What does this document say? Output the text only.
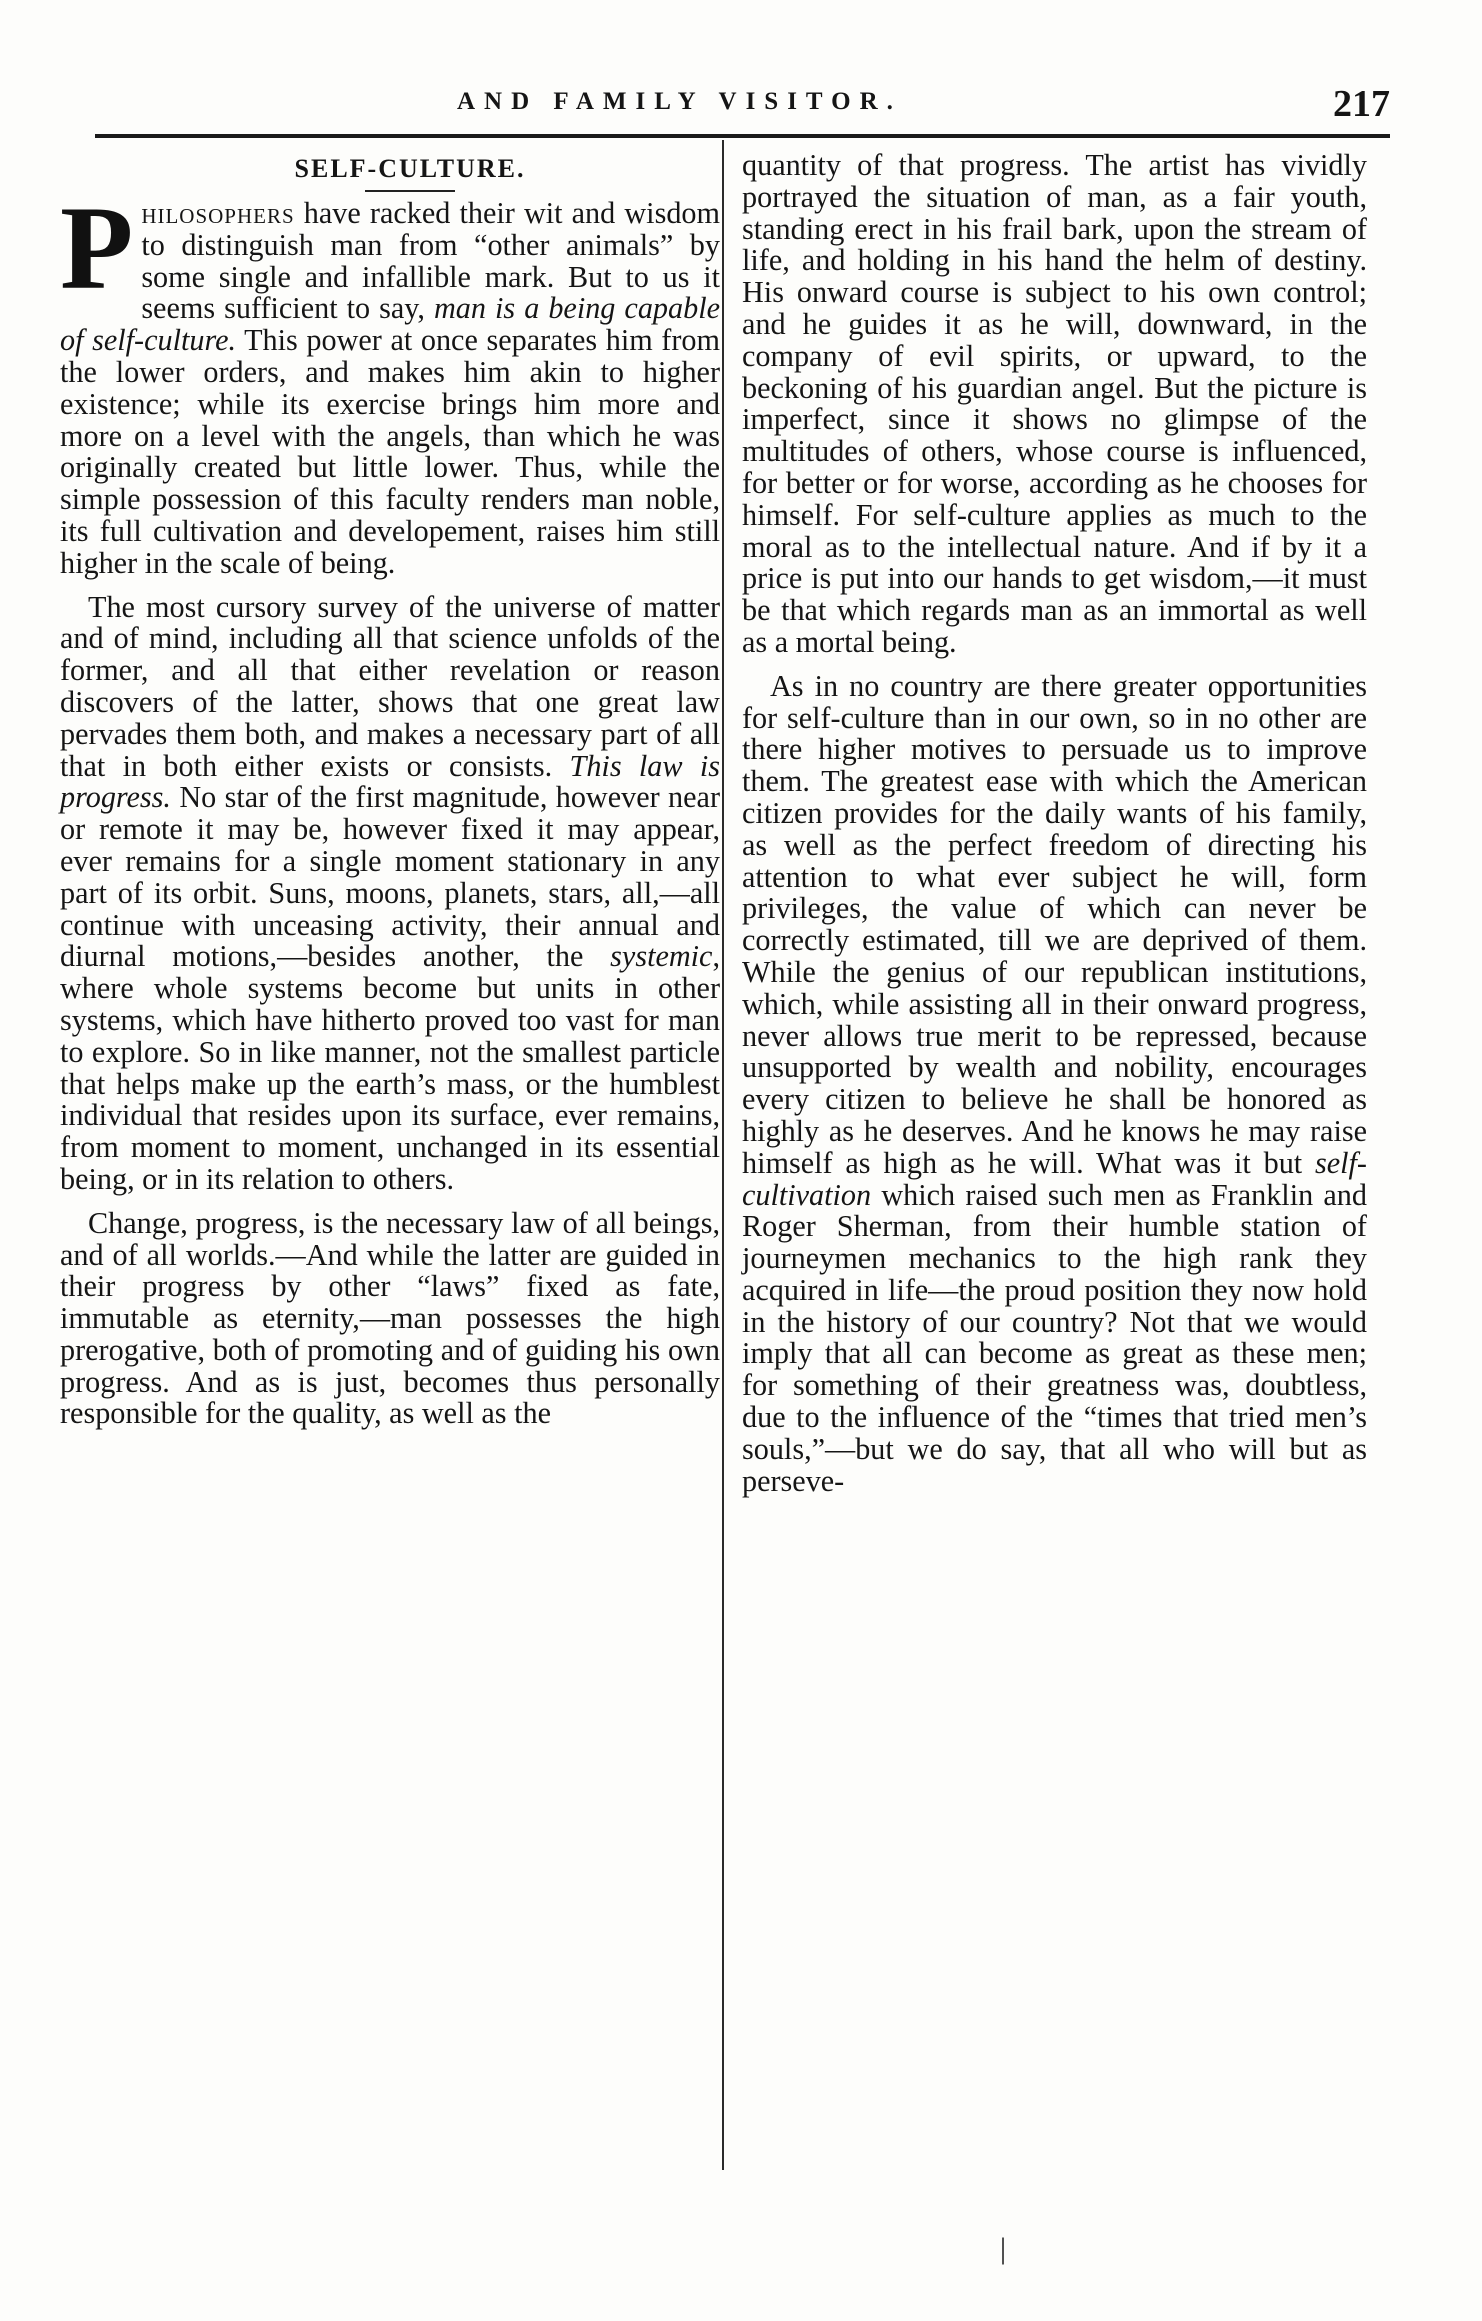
AND FAMILY VISITOR.	217
SELF-CULTURE.

Philosophers have racked their wit and wisdom to distinguish man from “other animals” by some single and infallible mark. But to us it seems sufficient to say, man is a being capable of self-culture. This power at once separates him from the lower orders, and makes him akin to higher existence; while its exercise brings him more and more on a level with the angels, than which he was originally created but little lower. Thus, while the simple possession of this faculty renders man noble, its full cultivation and developement, raises him still higher in the scale of being.

The most cursory survey of the universe of matter and of mind, including all that science unfolds of the former, and all that either revelation or reason discovers of the latter, shows that one great law pervades them both, and makes a necessary part of all that in both either exists or consists. This law is progress. No star of the first magnitude, however near or remote it may be, however fixed it may appear, ever remains for a single moment stationary in any part of its orbit. Suns, moons, planets, stars, all,—all continue with unceasing activity, their annual and diurnal motions,—besides another, the systemic, where whole systems become but units in other systems, which have hitherto proved too vast for man to explore. So in like manner, not the smallest particle that helps make up the earth’s mass, or the humblest individual that resides upon its surface, ever remains, from moment to moment, unchanged in its essential being, or in its relation to others.

Change, progress, is the necessary law of all beings, and of all worlds.—And while the latter are guided in their progress by other “laws” fixed as fate, immutable as eternity,—man possesses the high prerogative, both of promoting and of guiding his own progress. And as is just, becomes thus personally responsible for the quality, as well as the

quantity of that progress. The artist has vividly portrayed the situation of man, as a fair youth, standing erect in his frail bark, upon the stream of life, and holding in his hand the helm of destiny. His onward course is subject to his own control; and he guides it as he will, downward, in the company of evil spirits, or upward, to the beckoning of his guardian angel. But the picture is imperfect, since it shows no glimpse of the multitudes of others, whose course is influenced, for better or for worse, according as he chooses for himself. For self-culture applies as much to the moral as to the intellectual nature. And if by it a price is put into our hands to get wisdom,—it must be that which regards man as an immortal as well as a mortal being.

As in no country are there greater opportunities for self-culture than in our own, so in no other are there higher motives to persuade us to improve them. The greatest ease with which the American citizen provides for the daily wants of his family, as well as the perfect freedom of directing his attention to what ever subject he will, form privileges, the value of which can never be correctly estimated, till we are deprived of them. While the genius of our republican institutions, which, while assisting all in their onward progress, never allows true merit to be repressed, because unsupported by wealth and nobility, encourages every citizen to believe he shall be honored as highly as he deserves. And he knows he may raise himself as high as he will. What was it but self-cultivation which raised such men as Franklin and Roger Sherman, from their humble station of journeymen mechanics to the high rank they acquired in life—the proud position they now hold in the history of our country? Not that we would imply that all can become as great as these men; for something of their greatness was, doubtless, due to the influence of the “times that tried men’s souls,”—but we do say, that all who will but as perseve-

|
